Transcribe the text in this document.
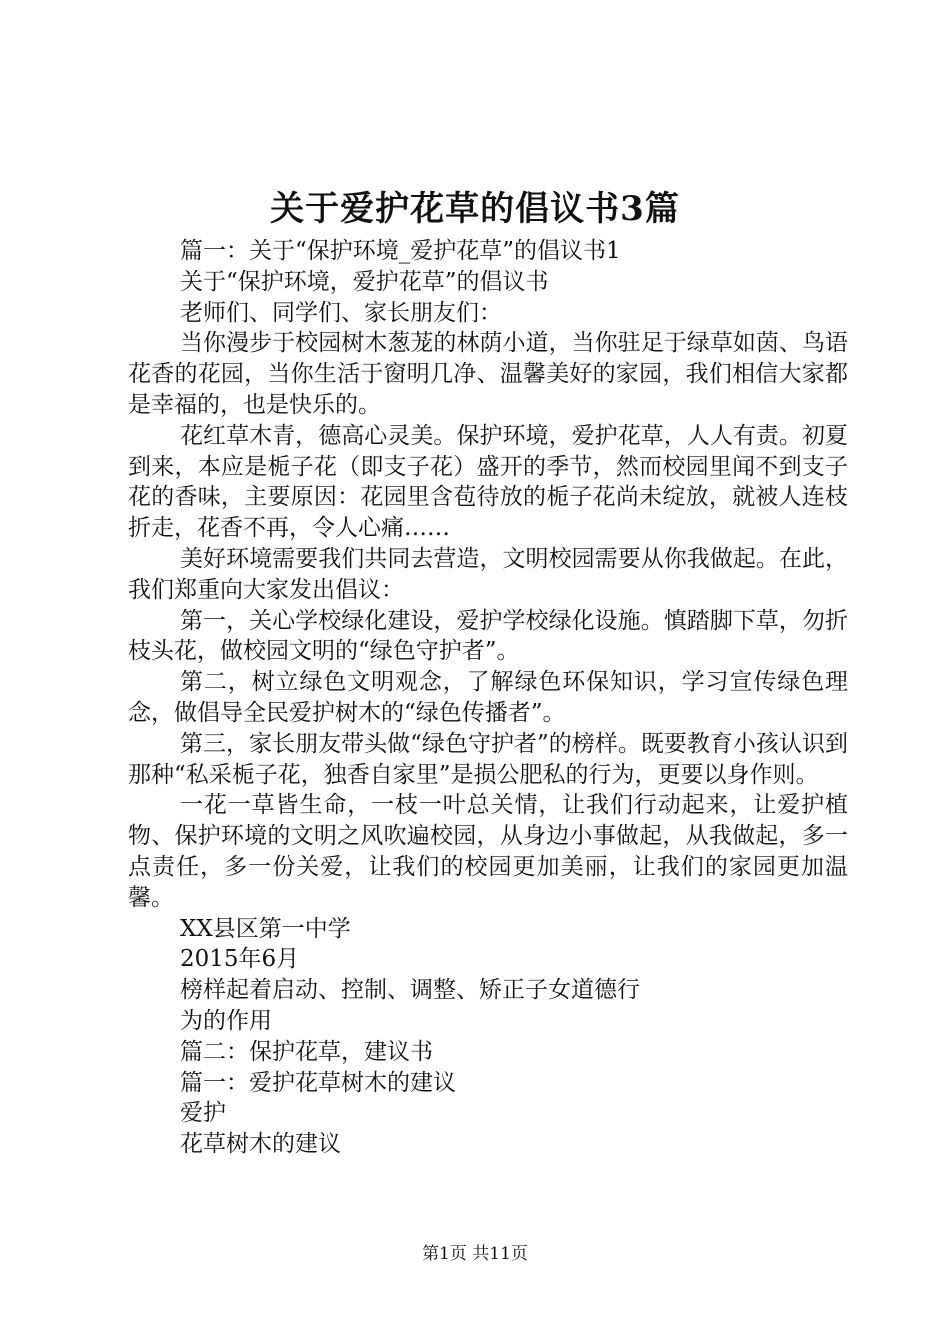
关于爱护花草的倡议书3篇

篇一：关于“保护环境_爱护花草”的倡议书1

关于“保护环境，爱护花草”的倡议书

老师们、同学们、家长朋友们：

当你漫步于校园树木葱茏的林荫小道，当你驻足于绿草如茵、鸟语花香的花园，当你生活于窗明几净、温馨美好的家园，我们相信大家都是幸福的，也是快乐的。

花红草木青，德高心灵美。保护环境，爱护花草，人人有责。初夏到来，本应是栀子花（即支子花）盛开的季节，然而校园里闻不到支子花的香味，主要原因：花园里含苞待放的栀子花尚未绽放，就被人连枝折走，花香不再，令人心痛……

美好环境需要我们共同去营造，文明校园需要从你我做起。在此，我们郑重向大家发出倡议：

第一，关心学校绿化建设，爱护学校绿化设施。慎踏脚下草，勿折枝头花，做校园文明的“绿色守护者”。

第二，树立绿色文明观念，了解绿色环保知识，学习宣传绿色理念，做倡导全民爱护树木的“绿色传播者”。

第三，家长朋友带头做“绿色守护者”的榜样。既要教育小孩认识到那种“私采栀子花，独香自家里”是损公肥私的行为，更要以身作则。

一花一草皆生命，一枝一叶总关情，让我们行动起来，让爱护植物、保护环境的文明之风吹遍校园，从身边小事做起，从我做起，多一点责任，多一份关爱，让我们的校园更加美丽，让我们的家园更加温馨。

XX县区第一中学

2015年6月

榜样起着启动、控制、调整、矫正子女道德行

为的作用

篇二：保护花草，建议书

篇一：爱护花草树木的建议

爱护

花草树木的建议

第1页 共11页
